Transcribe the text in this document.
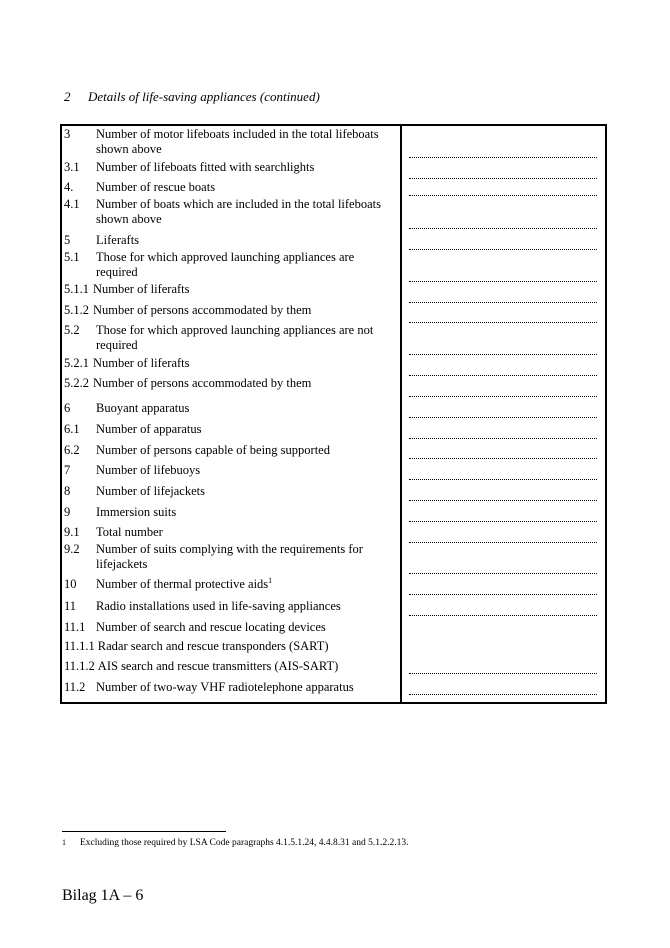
2 Details of life-saving appliances (continued)
3	Number of motor lifeboats included in the total lifeboats shown above
3.1	Number of lifeboats fitted with searchlights
4.	Number of rescue boats
4.1	Number of boats which are included in the total lifeboats shown above
5	Liferafts
5.1	Those for which approved launching appliances are required
5.1.1 Number of liferafts
5.1.2 Number of persons accommodated by them
5.2	Those for which approved launching appliances are not required
5.2.1 Number of liferafts
5.2.2 Number of persons accommodated by them
6	Buoyant apparatus
6.1	Number of apparatus
6.2	Number of persons capable of being supported
7	Number of lifebuoys
8	Number of lifejackets
9	Immersion suits
9.1	Total number
9.2	Number of suits complying with the requirements for lifejackets
10	Number of thermal protective aids$^1$
11	Radio installations used in life-saving appliances
11.1 Number of search and rescue locating devices
11.1.1 Radar search and rescue transponders (SART)
11.1.2 AIS search and rescue transmitters (AIS-SART)
11.2 Number of two-way VHF radiotelephone apparatus
1 Excluding those required by LSA Code paragraphs 4.1.5.1.24, 4.4.8.31 and 5.1.2.2.13.
Bilag 1A – 6
